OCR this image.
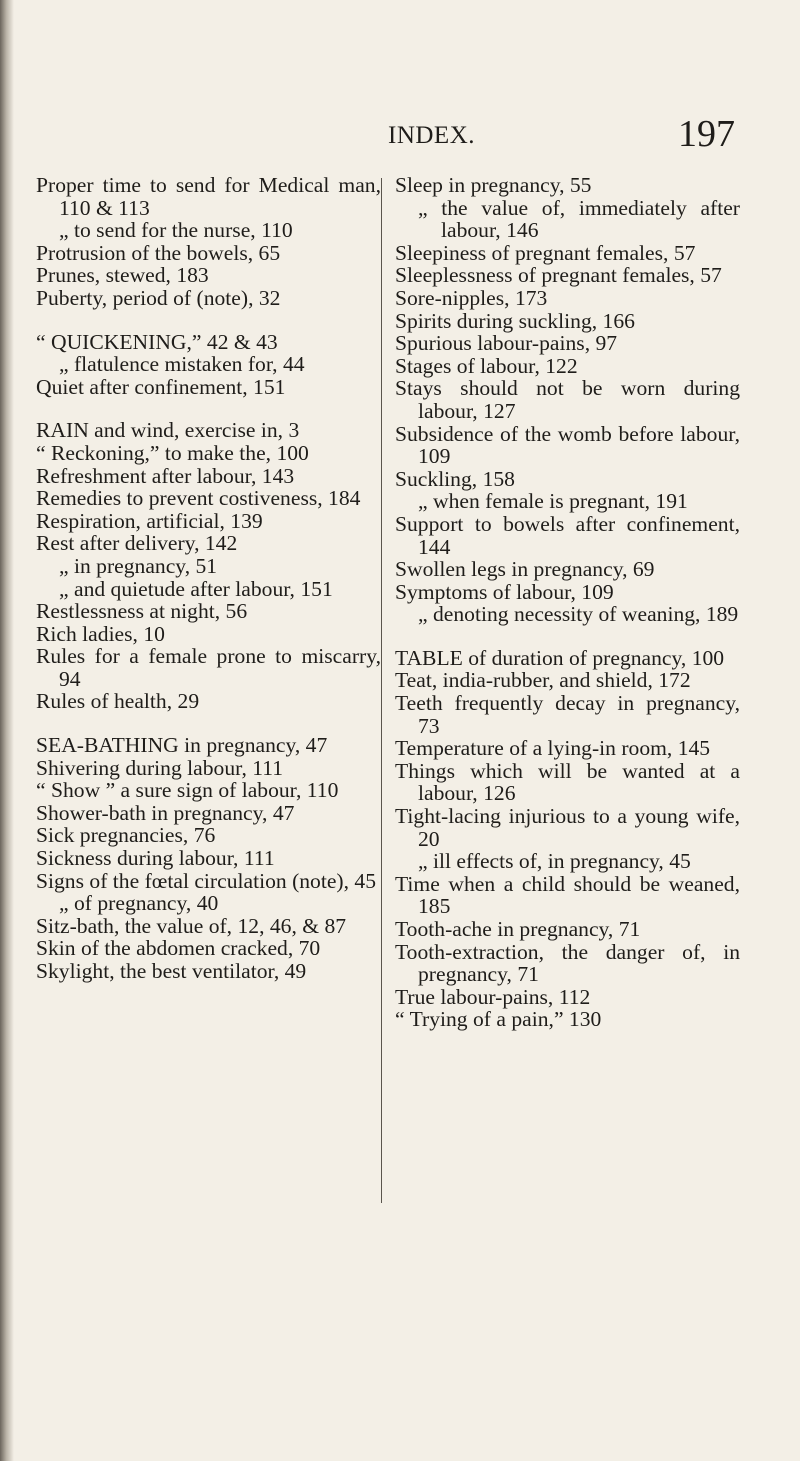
INDEX.	197
Proper time to send for Medical man, 110 & 113
„ to send for the nurse, 110
Protrusion of the bowels, 65
Prunes, stewed, 183
Puberty, period of (note), 32
“ QUICKENING,” 42 & 43
„ flatulence mistaken for, 44
Quiet after confinement, 151
RAIN and wind, exercise in, 3
“ Reckoning,” to make the, 100
Refreshment after labour, 143
Remedies to prevent costiveness, 184
Respiration, artificial, 139
Rest after delivery, 142
„ in pregnancy, 51
„ and quietude after labour, 151
Restlessness at night, 56
Rich ladies, 10
Rules for a female prone to miscarry, 94
Rules of health, 29
SEA-BATHING in pregnancy, 47
Shivering during labour, 111
“ Show ” a sure sign of labour, 110
Shower-bath in pregnancy, 47
Sick pregnancies, 76
Sickness during labour, 111
Signs of the fœtal circulation (note), 45
„ of pregnancy, 40
Sitz-bath, the value of, 12, 46, & 87
Skin of the abdomen cracked, 70
Skylight, the best ventilator, 49
Sleep in pregnancy, 55
„ the value of, immediately after labour, 146
Sleepiness of pregnant females, 57
Sleeplessness of pregnant females, 57
Sore-nipples, 173
Spirits during suckling, 166
Spurious labour-pains, 97
Stages of labour, 122
Stays should not be worn during labour, 127
Subsidence of the womb before labour, 109
Suckling, 158
„ when female is pregnant, 191
Support to bowels after confinement, 144
Swollen legs in pregnancy, 69
Symptoms of labour, 109
„ denoting necessity of weaning, 189
TABLE of duration of pregnancy, 100
Teat, india-rubber, and shield, 172
Teeth frequently decay in pregnancy, 73
Temperature of a lying-in room, 145
Things which will be wanted at a labour, 126
Tight-lacing injurious to a young wife, 20
„ ill effects of, in pregnancy, 45
Time when a child should be weaned, 185
Tooth-ache in pregnancy, 71
Tooth-extraction, the danger of, in pregnancy, 71
True labour-pains, 112
“ Trying of a pain,” 130
